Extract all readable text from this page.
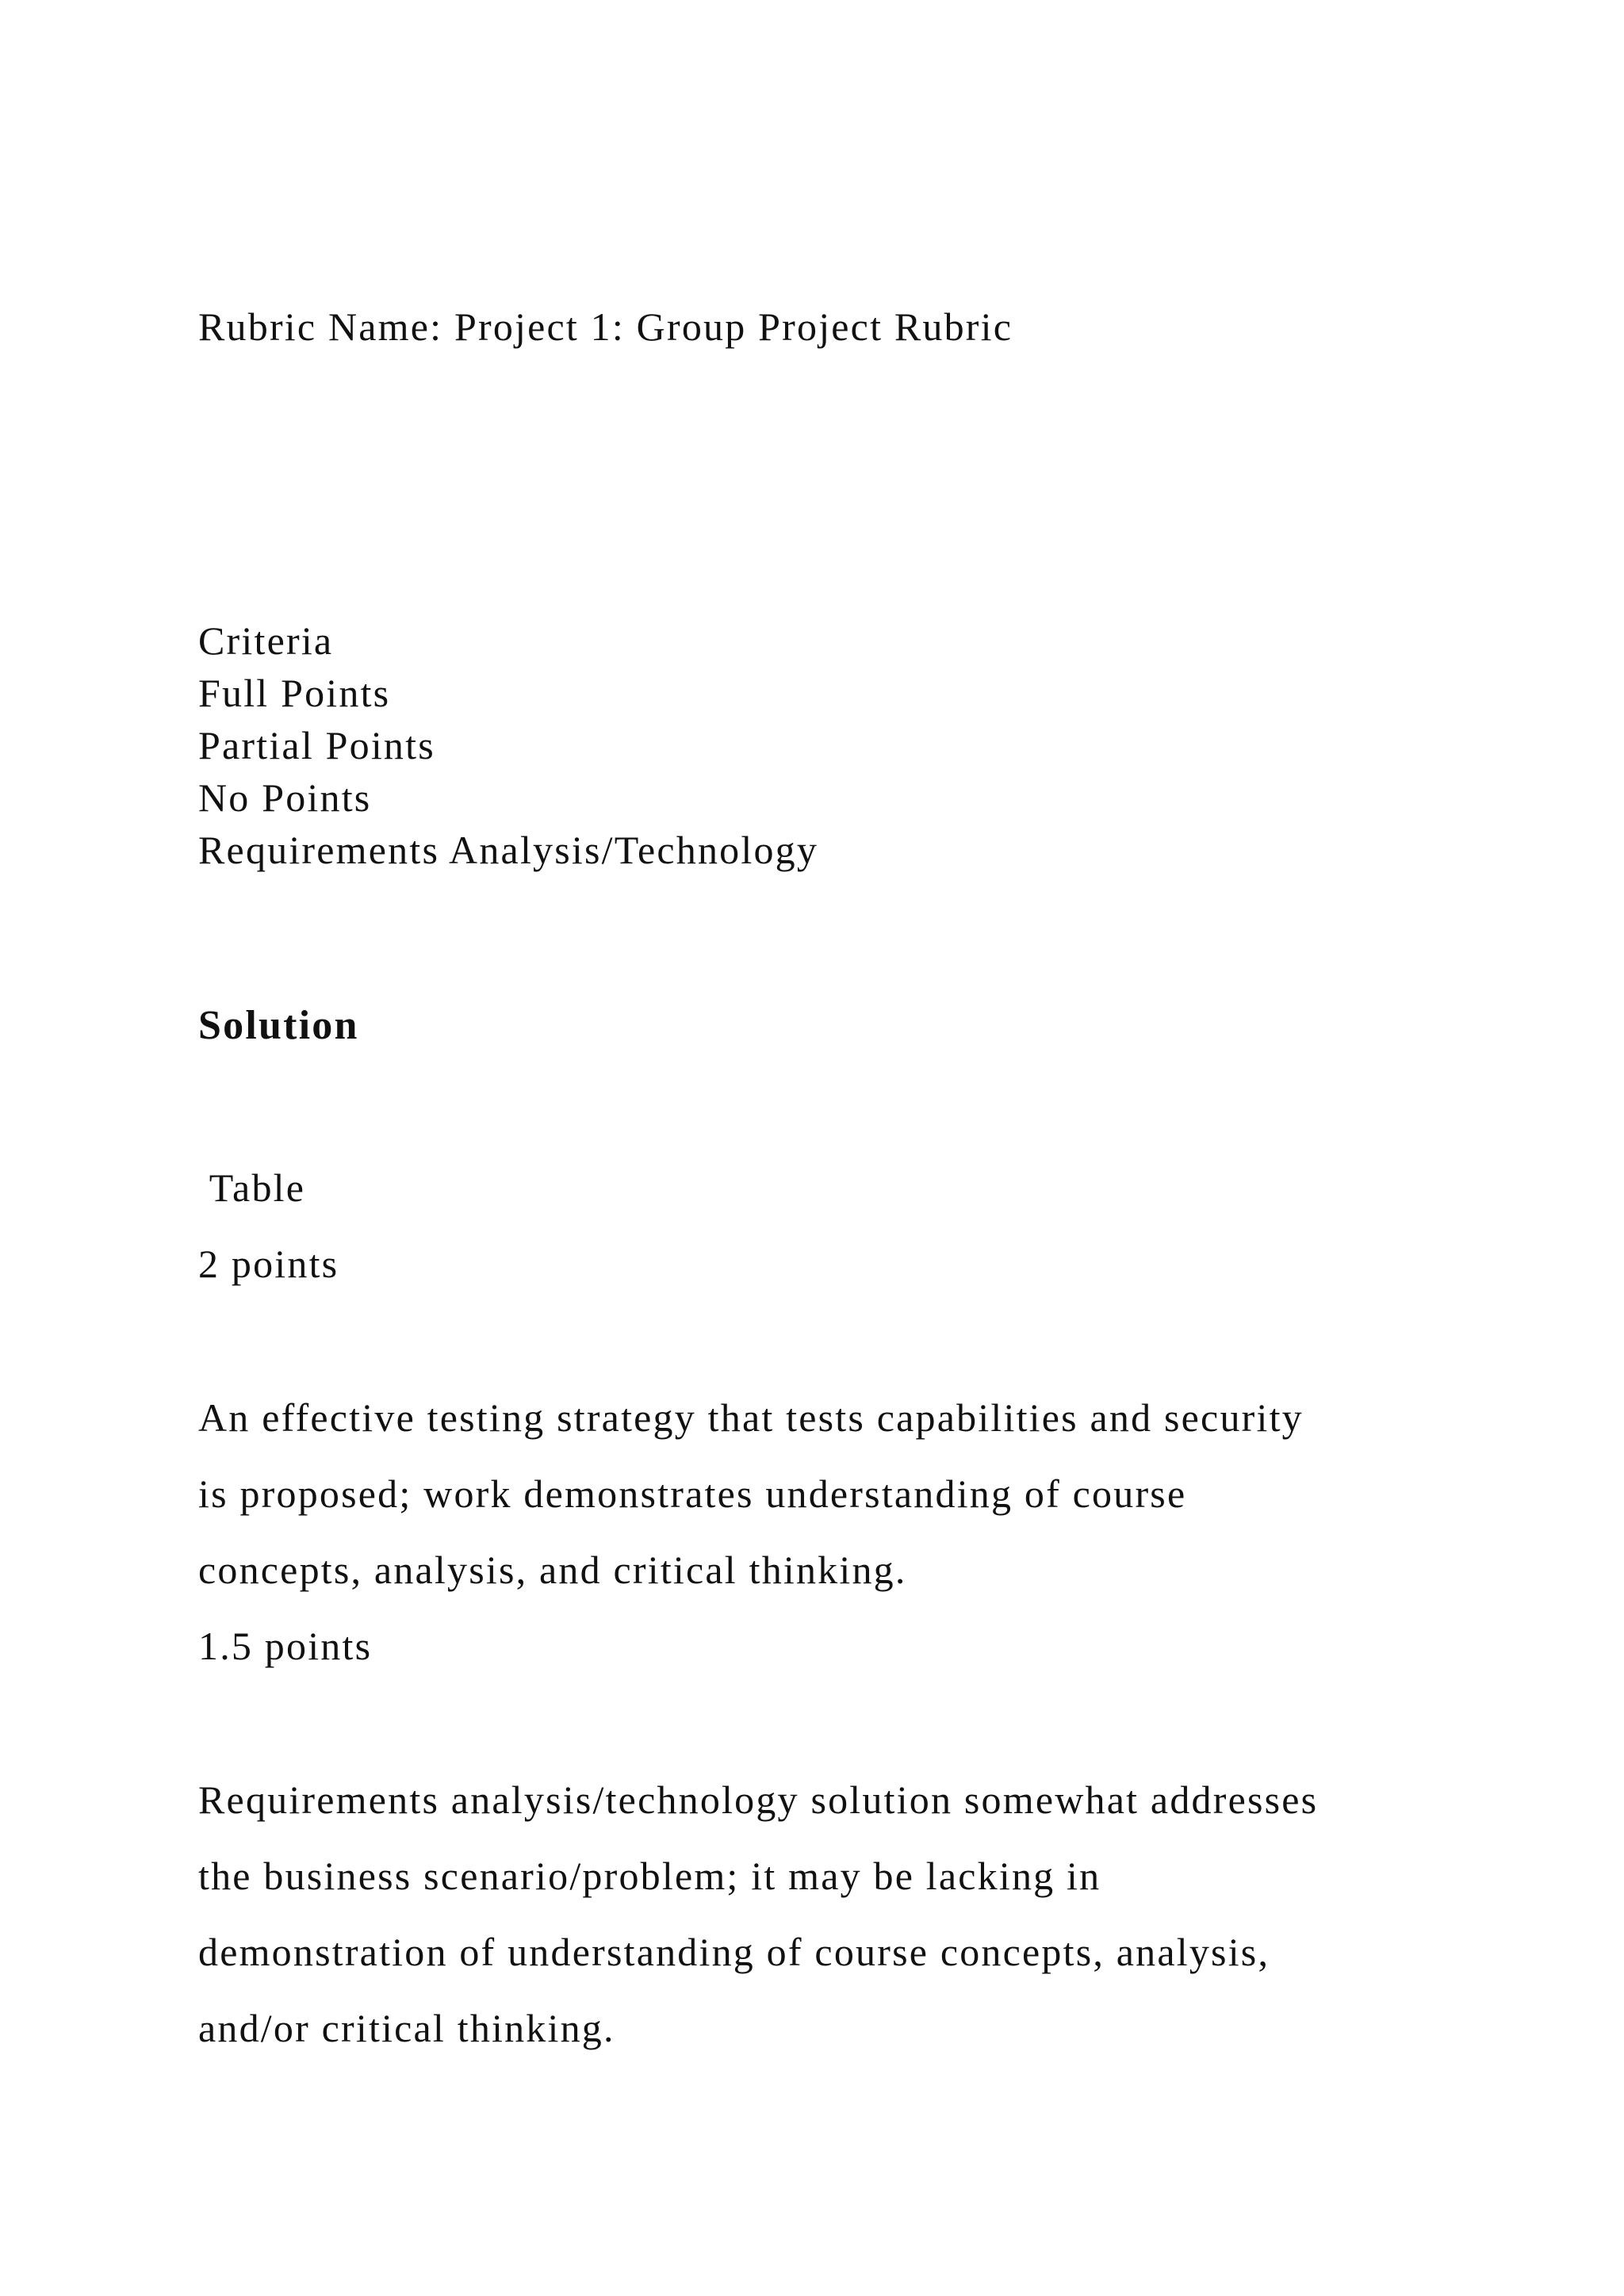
Rubric Name: Project 1: Group Project Rubric

Criteria

Full Points

Partial Points

No Points

Requirements Analysis/Technology

Solution

Table

2 points

An effective testing strategy that tests capabilities and security

is proposed; work demonstrates understanding of course

concepts, analysis, and critical thinking.

1.5 points

Requirements analysis/technology solution somewhat addresses

the business scenario/problem; it may be lacking in

demonstration of understanding of course concepts, analysis,

and/or critical thinking.
